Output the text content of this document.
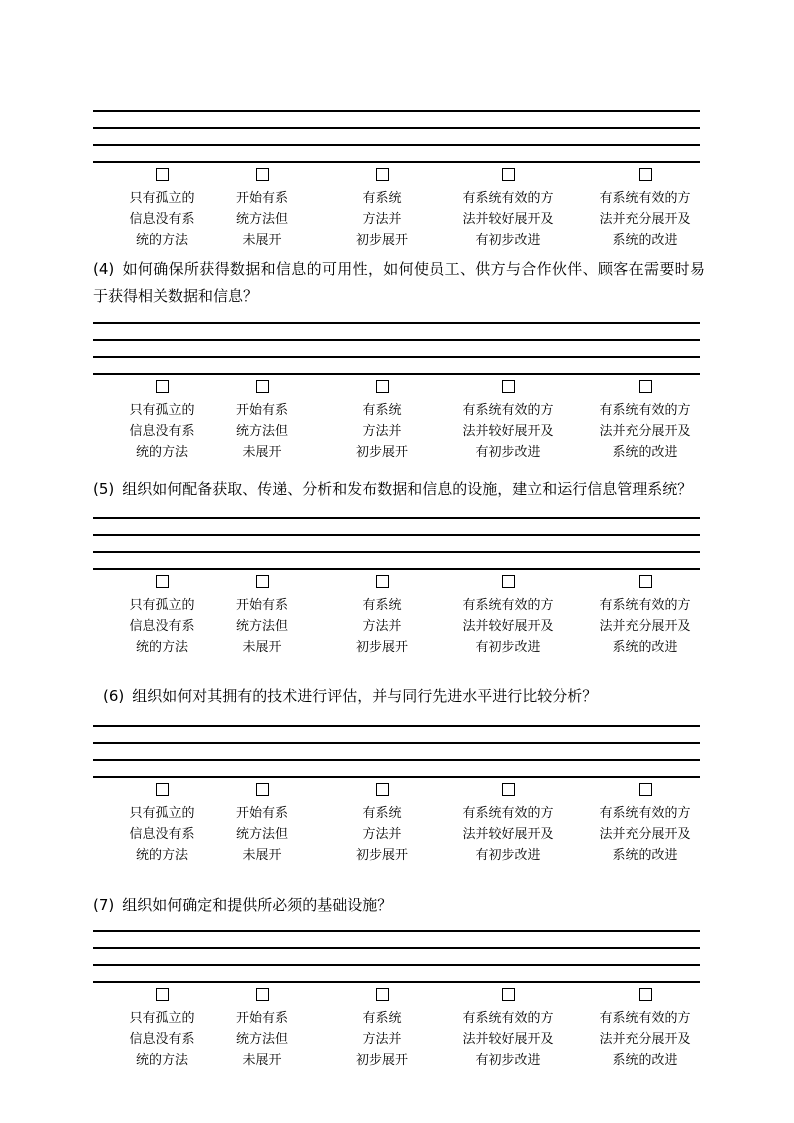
只有孤立的
信息没有系
统的方法
开始有系
统方法但
未展开
有系统
方法并
初步展开
有系统有效的方
法并较好展开及
有初步改进
有系统有效的方
法并充分展开及
系统的改进
(4) 如何确保所获得数据和信息的可用性，如何使员工、供方与合作伙伴、顾客在需要时易于获得相关数据和信息？
只有孤立的
信息没有系
统的方法
开始有系
统方法但
未展开
有系统
方法并
初步展开
有系统有效的方
法并较好展开及
有初步改进
有系统有效的方
法并充分展开及
系统的改进
(5) 组织如何配备获取、传递、分析和发布数据和信息的设施，建立和运行信息管理系统？
只有孤立的
信息没有系
统的方法
开始有系
统方法但
未展开
有系统
方法并
初步展开
有系统有效的方
法并较好展开及
有初步改进
有系统有效的方
法并充分展开及
系统的改进
(6) 组织如何对其拥有的技术进行评估，并与同行先进水平进行比较分析？
只有孤立的
信息没有系
统的方法
开始有系
统方法但
未展开
有系统
方法并
初步展开
有系统有效的方
法并较好展开及
有初步改进
有系统有效的方
法并充分展开及
系统的改进
(7) 组织如何确定和提供所必须的基础设施？
只有孤立的
信息没有系
统的方法
开始有系
统方法但
未展开
有系统
方法并
初步展开
有系统有效的方
法并较好展开及
有初步改进
有系统有效的方
法并充分展开及
系统的改进
